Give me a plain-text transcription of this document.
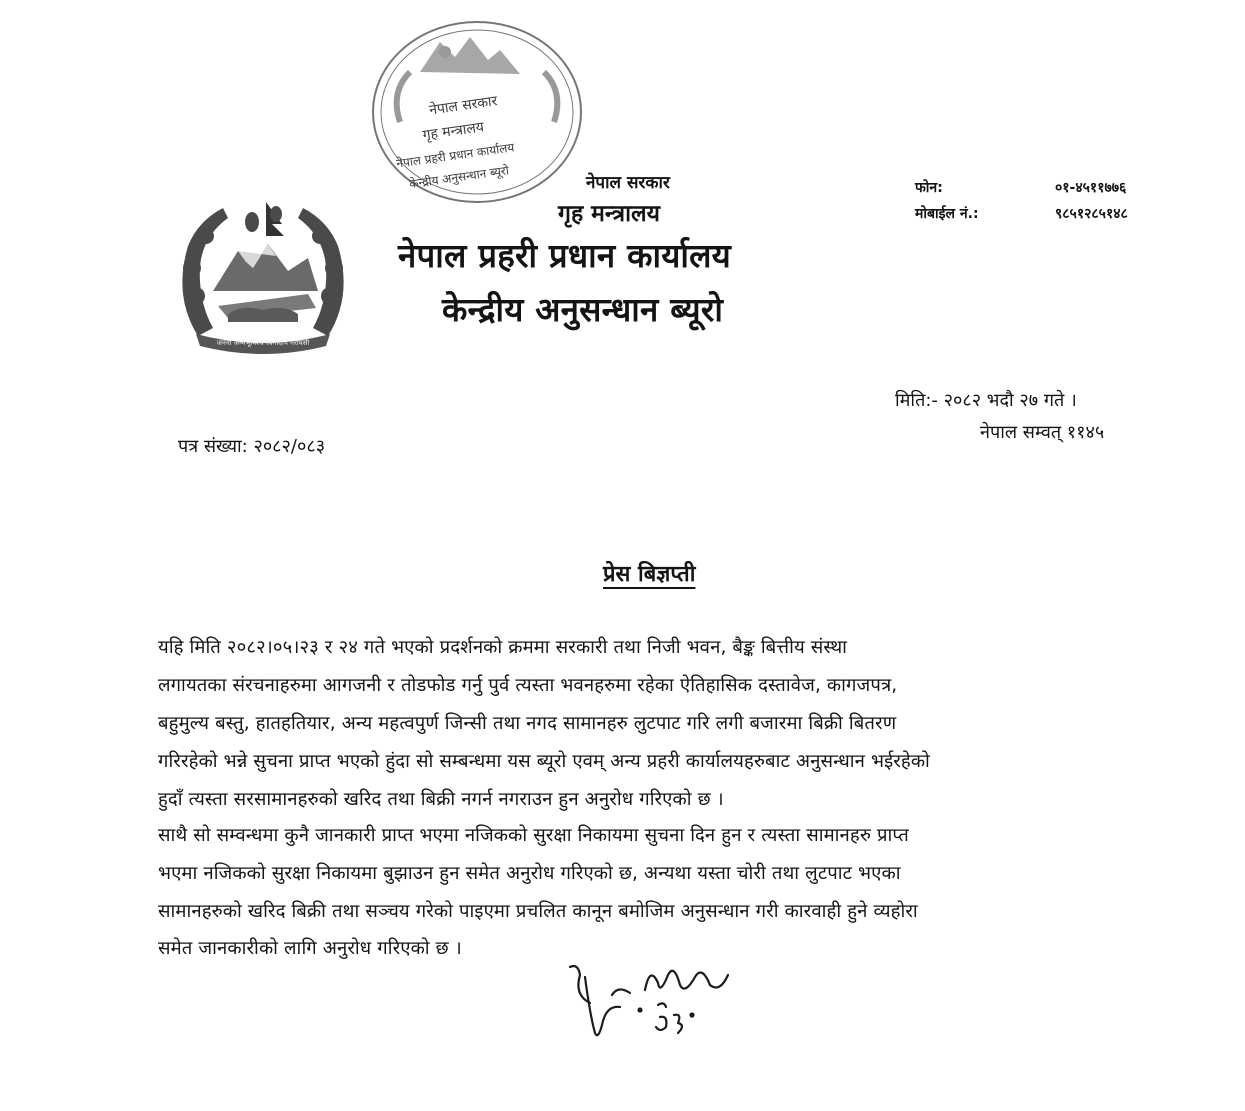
नेपाल सरकार
गृह मन्त्रालय
नेपाल प्रहरी प्रधान कार्यालय
केन्द्रीय अनुसन्धान ब्यूरो
जननी जन्मभूमिश्च स्वर्गादपि गरीयसी
नेपाल सरकार
गृह मन्त्रालय
नेपाल प्रहरी प्रधान कार्यालय
केन्द्रीय अनुसन्धान ब्यूरो
फोन:	०१-४५११७७६
मोबाईल नं.:	९८५१२८५१४८
मिति:- २०८२ भदौ २७ गते ।
नेपाल सम्वत् ११४५
पत्र संख्या: २०८२/०८३
प्रेस बिज्ञप्ती
यहि मिति २०८२।०५।२३ र २४ गते भएको प्रदर्शनको क्रममा सरकारी तथा निजी भवन, बैङ्क बित्तीय संस्था
लगायतका संरचनाहरुमा आगजनी र तोडफोड गर्नु पुर्व त्यस्ता भवनहरुमा रहेका ऐतिहासिक दस्तावेज, कागजपत्र,
बहुमुल्य बस्तु, हातहतियार, अन्य महत्वपुर्ण जिन्सी तथा नगद सामानहरु लुटपाट गरि लगी बजारमा बिक्री बितरण
गरिरहेको भन्ने सुचना प्राप्त भएको हुंदा सो सम्बन्धमा यस ब्यूरो एवम् अन्य प्रहरी कार्यालयहरुबाट अनुसन्धान भईरहेको
हुदाँ त्यस्ता सरसामानहरुको खरिद तथा बिक्री नगर्न नगराउन हुन अनुरोध गरिएको छ ।
साथै सो सम्वन्धमा कुनै जानकारी प्राप्त भएमा नजिकको सुरक्षा निकायमा सुचना दिन हुन र त्यस्ता सामानहरु प्राप्त
भएमा नजिकको सुरक्षा निकायमा बुझाउन हुन समेत अनुरोध गरिएको छ, अन्यथा यस्ता चोरी तथा लुटपाट भएका
सामानहरुको खरिद बिक्री तथा सञ्चय गरेको पाइएमा प्रचलित कानून बमोजिम अनुसन्धान गरी कारवाही हुने व्यहोरा
समेत जानकारीको लागि अनुरोध गरिएको छ ।
